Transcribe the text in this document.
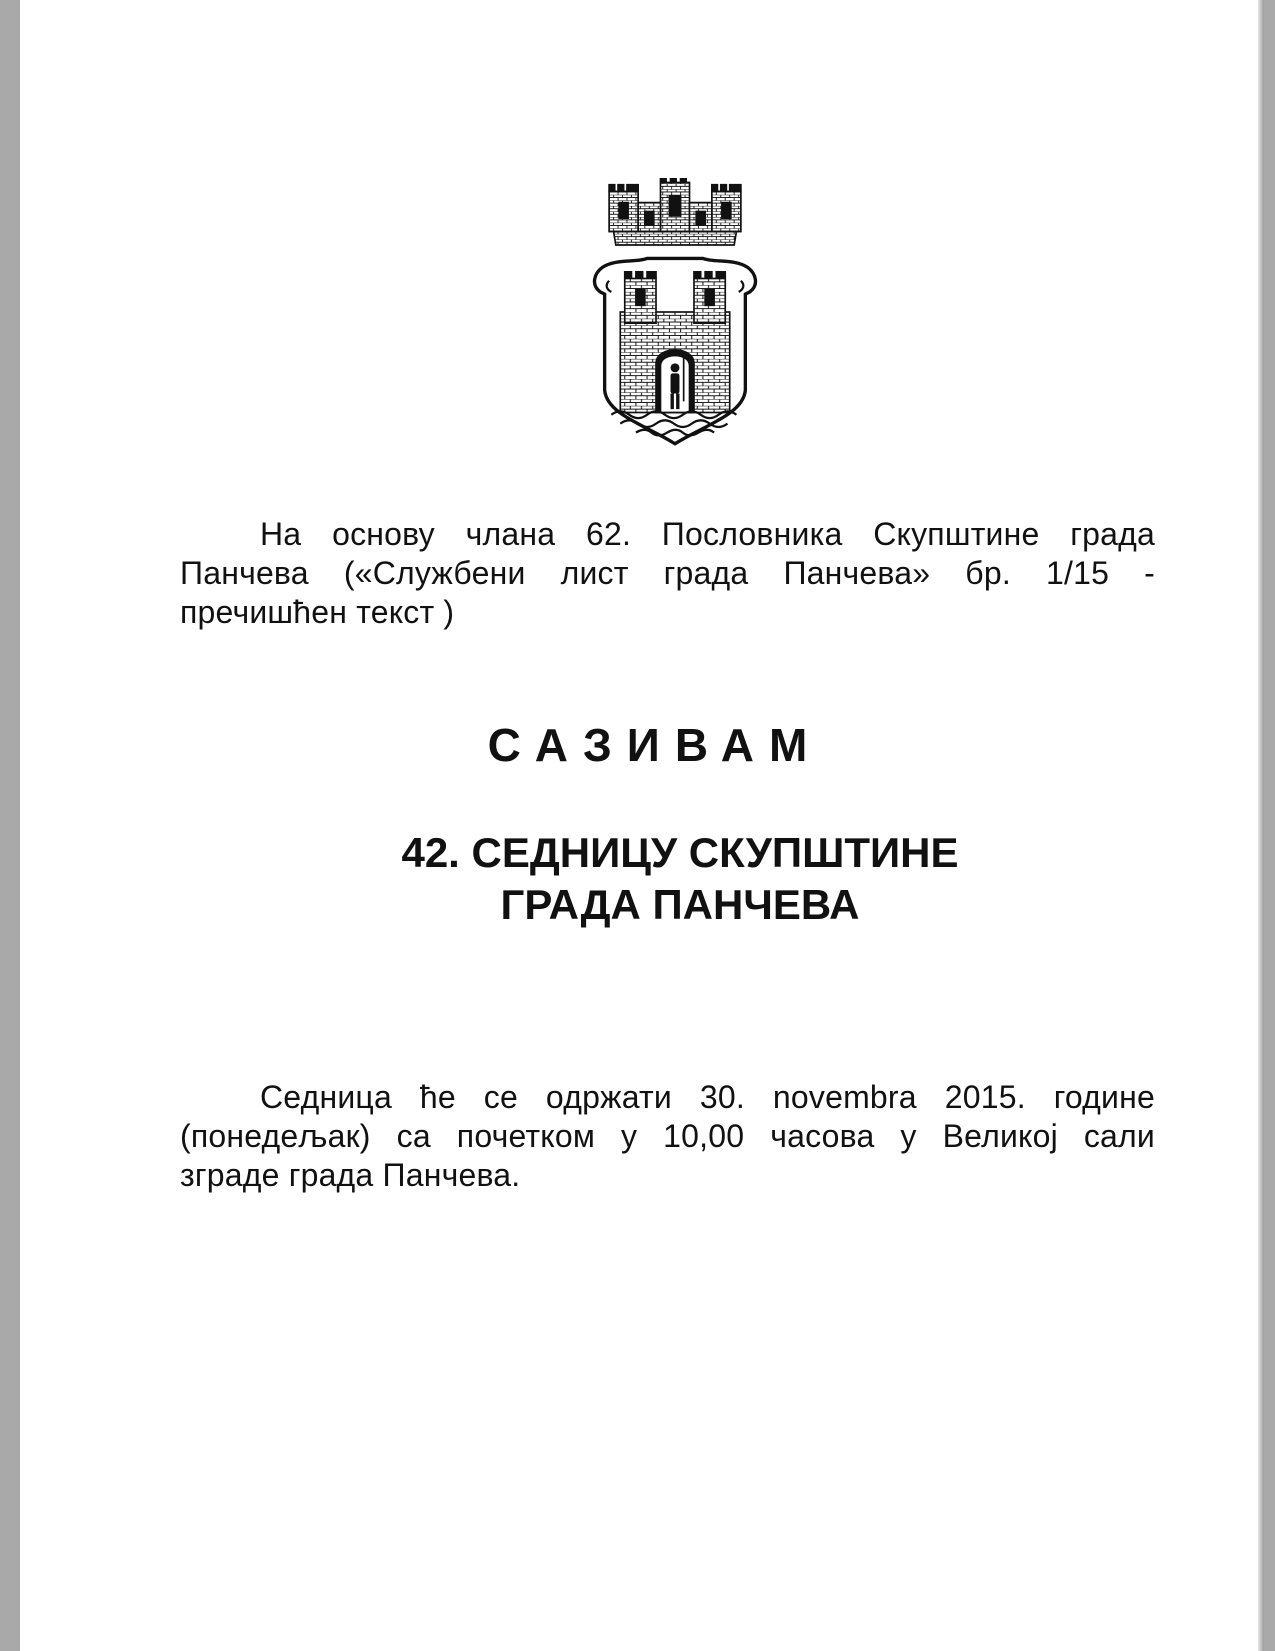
На основу члана 62. Пословника Скупштине града
Панчева («Службени лист града Панчева» бр. 1/15 -
пречишћен текст )
САЗИВАМ
42. СЕДНИЦУ СКУПШТИНЕ
ГРАДА ПАНЧЕВА
Седница ће се одржати 30. novembra 2015. године
(понедељак) са почетком у 10,00 часова у Великој сали
зграде града Панчева.
